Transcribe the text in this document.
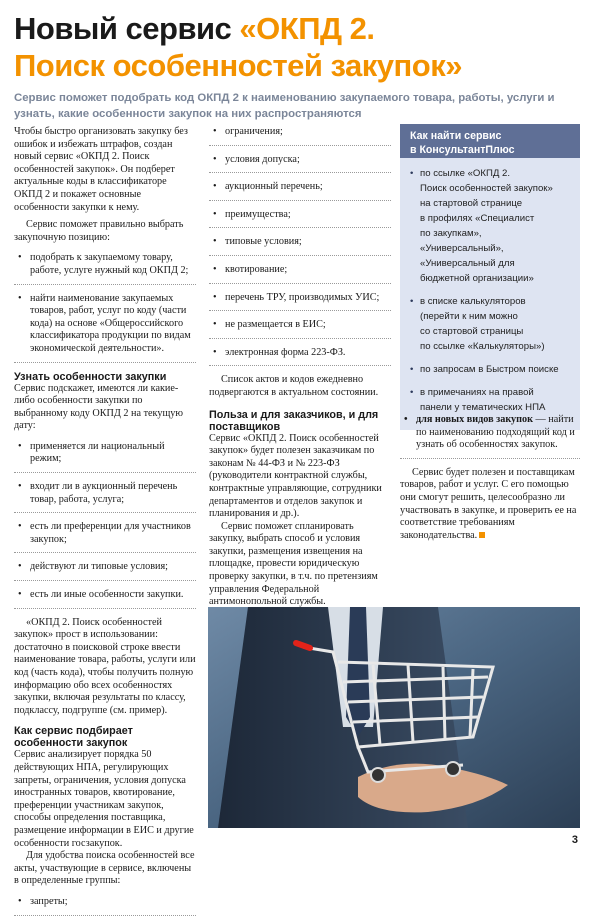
Новый сервис «ОКПД 2.
Поиск особенностей закупок»

Сервис поможет подобрать код ОКПД 2 к наименованию закупаемого товара, работы, услуги и узнать, какие особенности закупок на них распространяются

Чтобы быстро организовать закупку без ошибок и избежать штрафов, создан новый сервис «ОКПД 2. Поиск особенностей закупок». Он подберет актуальные коды в классификаторе ОКПД 2 и покажет основные особенности закупки к нему.

Сервис поможет правильно выбрать закупочную позицию:

• подобрать к закупаемому товару, работе, услуге нужный код ОКПД 2;
• найти наименование закупаемых товаров, работ, услуг по коду (части кода) на основе «Общероссийского классификатора продукции по видам экономической деятельности».
Узнать особенности закупки

Сервис подскажет, имеются ли какие-либо особенности закупки по выбранному коду ОКПД 2 на текущую дату:

• применяется ли национальный режим;
• входит ли в аукционный перечень товар, работа, услуга;
• есть ли преференции для участников закупок;
• действуют ли типовые условия;
• есть ли иные особенности закупки.

«ОКПД 2. Поиск особенностей закупок» прост в использовании: достаточно в поисковой строке ввести наименование товара, работы, услуги или код (часть кода), чтобы получить полную информацию обо всех особенностях закупки, включая результаты по классу, подклассу, подгруппе (см. пример).

Как сервис подбирает особенности закупок

Сервис анализирует порядка 50 действующих НПА, регулирующих запреты, ограничения, условия допуска иностранных товаров, квотирование, преференции участникам закупок, способы определения поставщика, размещение информации в ЕИС и другие особенности госзакупок.

Для удобства поиска особенностей все акты, участвующие в сервисе, включены в определенные группы:

• запреты;
• ограничения;
• условия допуска;
• аукционный перечень;
• преимущества;
• типовые условия;
• квотирование;
• перечень ТРУ, производимых УИС;
• не размещается в ЕИС;
• электронная форма 223-ФЗ.

Список актов и кодов ежедневно подвергаются в актуальном состоянии.

Польза и для заказчиков, и для поставщиков

Сервис «ОКПД 2. Поиск особенностей закупок» будет полезен заказчикам по законам № 44-ФЗ и № 223-ФЗ (руководители контрактной службы, контрактные управляющие, сотрудники департаментов и отделов закупок и планирования и др.).

Сервис поможет спланировать закупку, выбрать способ и условия закупки, размещения извещения на площадке, провести юридическую проверку закупки, в т.ч. по претензиям управления Федеральной антимонопольной службы.

•
Как найти сервис
в КонсультантПлюс
• по ссылке «ОКПД 2.
Поиск особенностей закупок»
на стартовой странице
в профилях «Специалист
по закупкам»,
«Универсальный»,
«Универсальный для
бюджетной организации»
• в списке калькуляторов
(перейти к ним можно
со стартовой страницы
по ссылке «Калькуляторы»)
• по запросам в Быстром поиске
• в примечаниях на правой
панели у тематических НПА
• для новых видов закупок — найти по наименованию подходящий код и узнать об особенностях закупок.

Сервис будет полезен и поставщикам товаров, работ и услуг. С его помощью они смогут решить, целесообразно ли участвовать в закупке, и проверить ее на соответствие требованиям законодательства.

3
